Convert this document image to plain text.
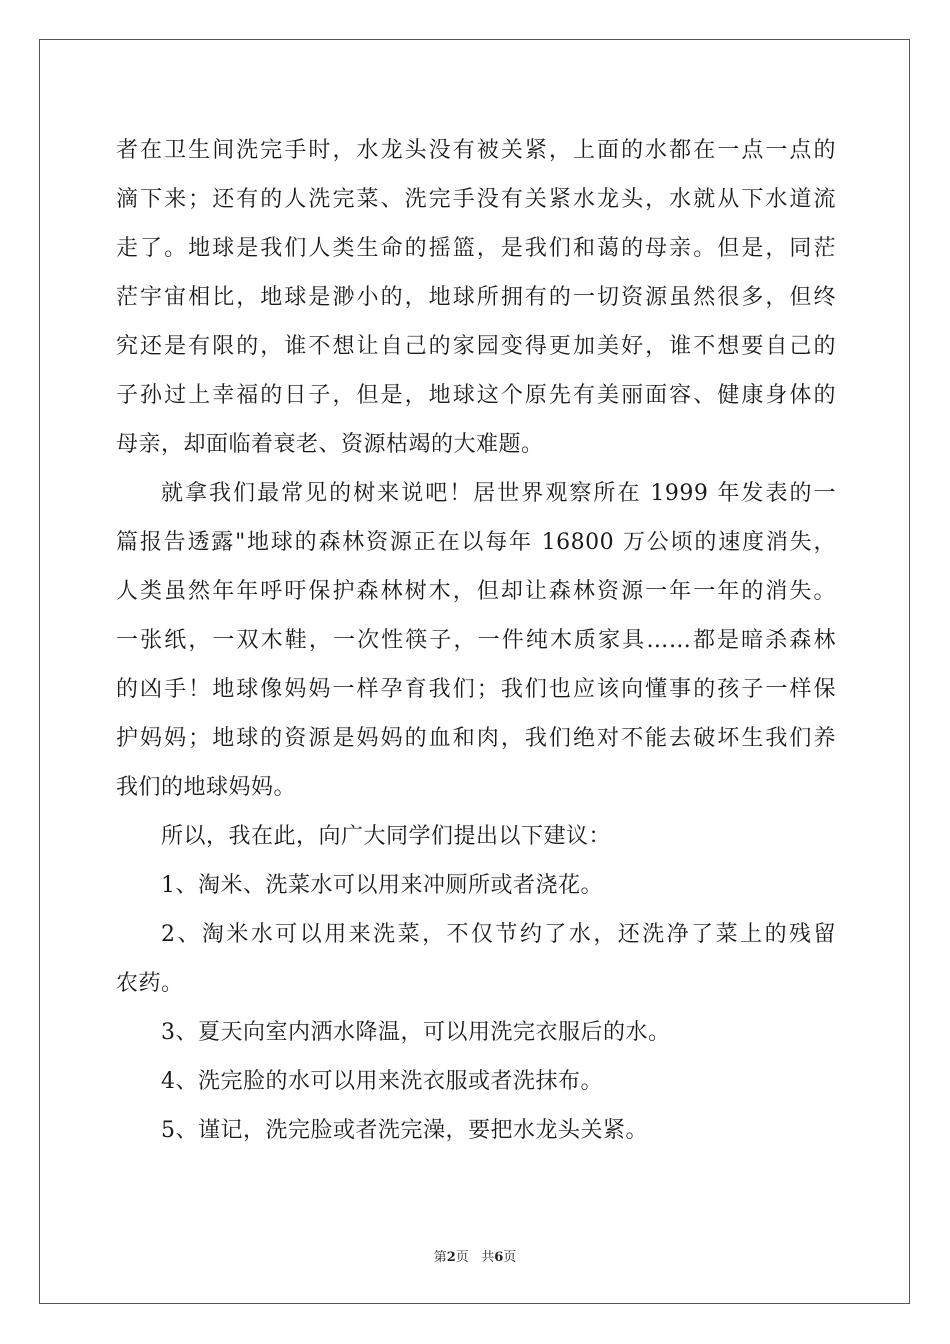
者在卫生间洗完手时，水龙头没有被关紧，上面的水都在一点一点的
滴下来；还有的人洗完菜、洗完手没有关紧水龙头，水就从下水道流
走了。地球是我们人类生命的摇篮，是我们和蔼的母亲。但是，同茫
茫宇宙相比，地球是渺小的，地球所拥有的一切资源虽然很多，但终
究还是有限的，谁不想让自己的家园变得更加美好，谁不想要自己的
子孙过上幸福的日子，但是，地球这个原先有美丽面容、健康身体的
母亲，却面临着衰老、资源枯竭的大难题。
就拿我们最常见的树来说吧！居世界观察所在 1999 年发表的一
篇报告透露"地球的森林资源正在以每年 16800 万公顷的速度消失，
人类虽然年年呼吁保护森林树木，但却让森林资源一年一年的消失。
一张纸，一双木鞋，一次性筷子，一件纯木质家具……都是暗杀森林
的凶手！地球像妈妈一样孕育我们；我们也应该向懂事的孩子一样保
护妈妈；地球的资源是妈妈的血和肉，我们绝对不能去破坏生我们养
我们的地球妈妈。
所以，我在此，向广大同学们提出以下建议：
1、淘米、洗菜水可以用来冲厕所或者浇花。
2、淘米水可以用来洗菜，不仅节约了水，还洗净了菜上的残留
农药。
3、夏天向室内洒水降温，可以用洗完衣服后的水。
4、洗完脸的水可以用来洗衣服或者洗抹布。
5、谨记，洗完脸或者洗完澡，要把水龙头关紧。
第2页 共6页
